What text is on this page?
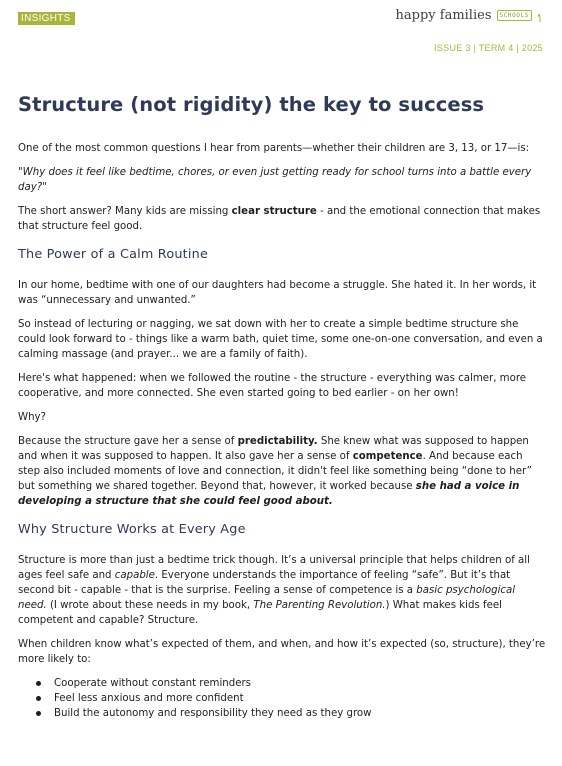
INSIGHTS	happy families	SCHOOLS
ISSUE 3 | TERM 4 | 2025
Structure (not rigidity) the key to success

One of the most common questions I hear from parents—whether their children are 3, 13, or 17—is:

"Why does it feel like bedtime, chores, or even just getting ready for school turns into a battle every day?"

The short answer? Many kids are missing clear structure - and the emotional connection that makes that structure feel good.

The Power of a Calm Routine

In our home, bedtime with one of our daughters had become a struggle. She hated it. In her words, it was “unnecessary and unwanted.”

So instead of lecturing or nagging, we sat down with her to create a simple bedtime structure she could look forward to - things like a warm bath, quiet time, some one-on-one conversation, and even a calming massage (and prayer... we are a family of faith).

Here's what happened: when we followed the routine - the structure - everything was calmer, more cooperative, and more connected. She even started going to bed earlier - on her own!

Why?

Because the structure gave her a sense of predictability. She knew what was supposed to happen and when it was supposed to happen. It also gave her a sense of competence. And because each step also included moments of love and connection, it didn't feel like something being “done to her” but something we shared together. Beyond that, however, it worked because she had a voice in developing a structure that she could feel good about.

Why Structure Works at Every Age

Structure is more than just a bedtime trick though. It’s a universal principle that helps children of all ages feel safe and capable. Everyone understands the importance of feeling “safe”. But it’s that second bit - capable - that is the surprise. Feeling a sense of competence is a basic psychological need. (I wrote about these needs in my book, The Parenting Revolution.) What makes kids feel competent and capable? Structure.

When children know what’s expected of them, and when, and how it’s expected (so, structure), they’re more likely to:

Cooperate without constant reminders
Feel less anxious and more confident
Build the autonomy and responsibility they need as they grow
